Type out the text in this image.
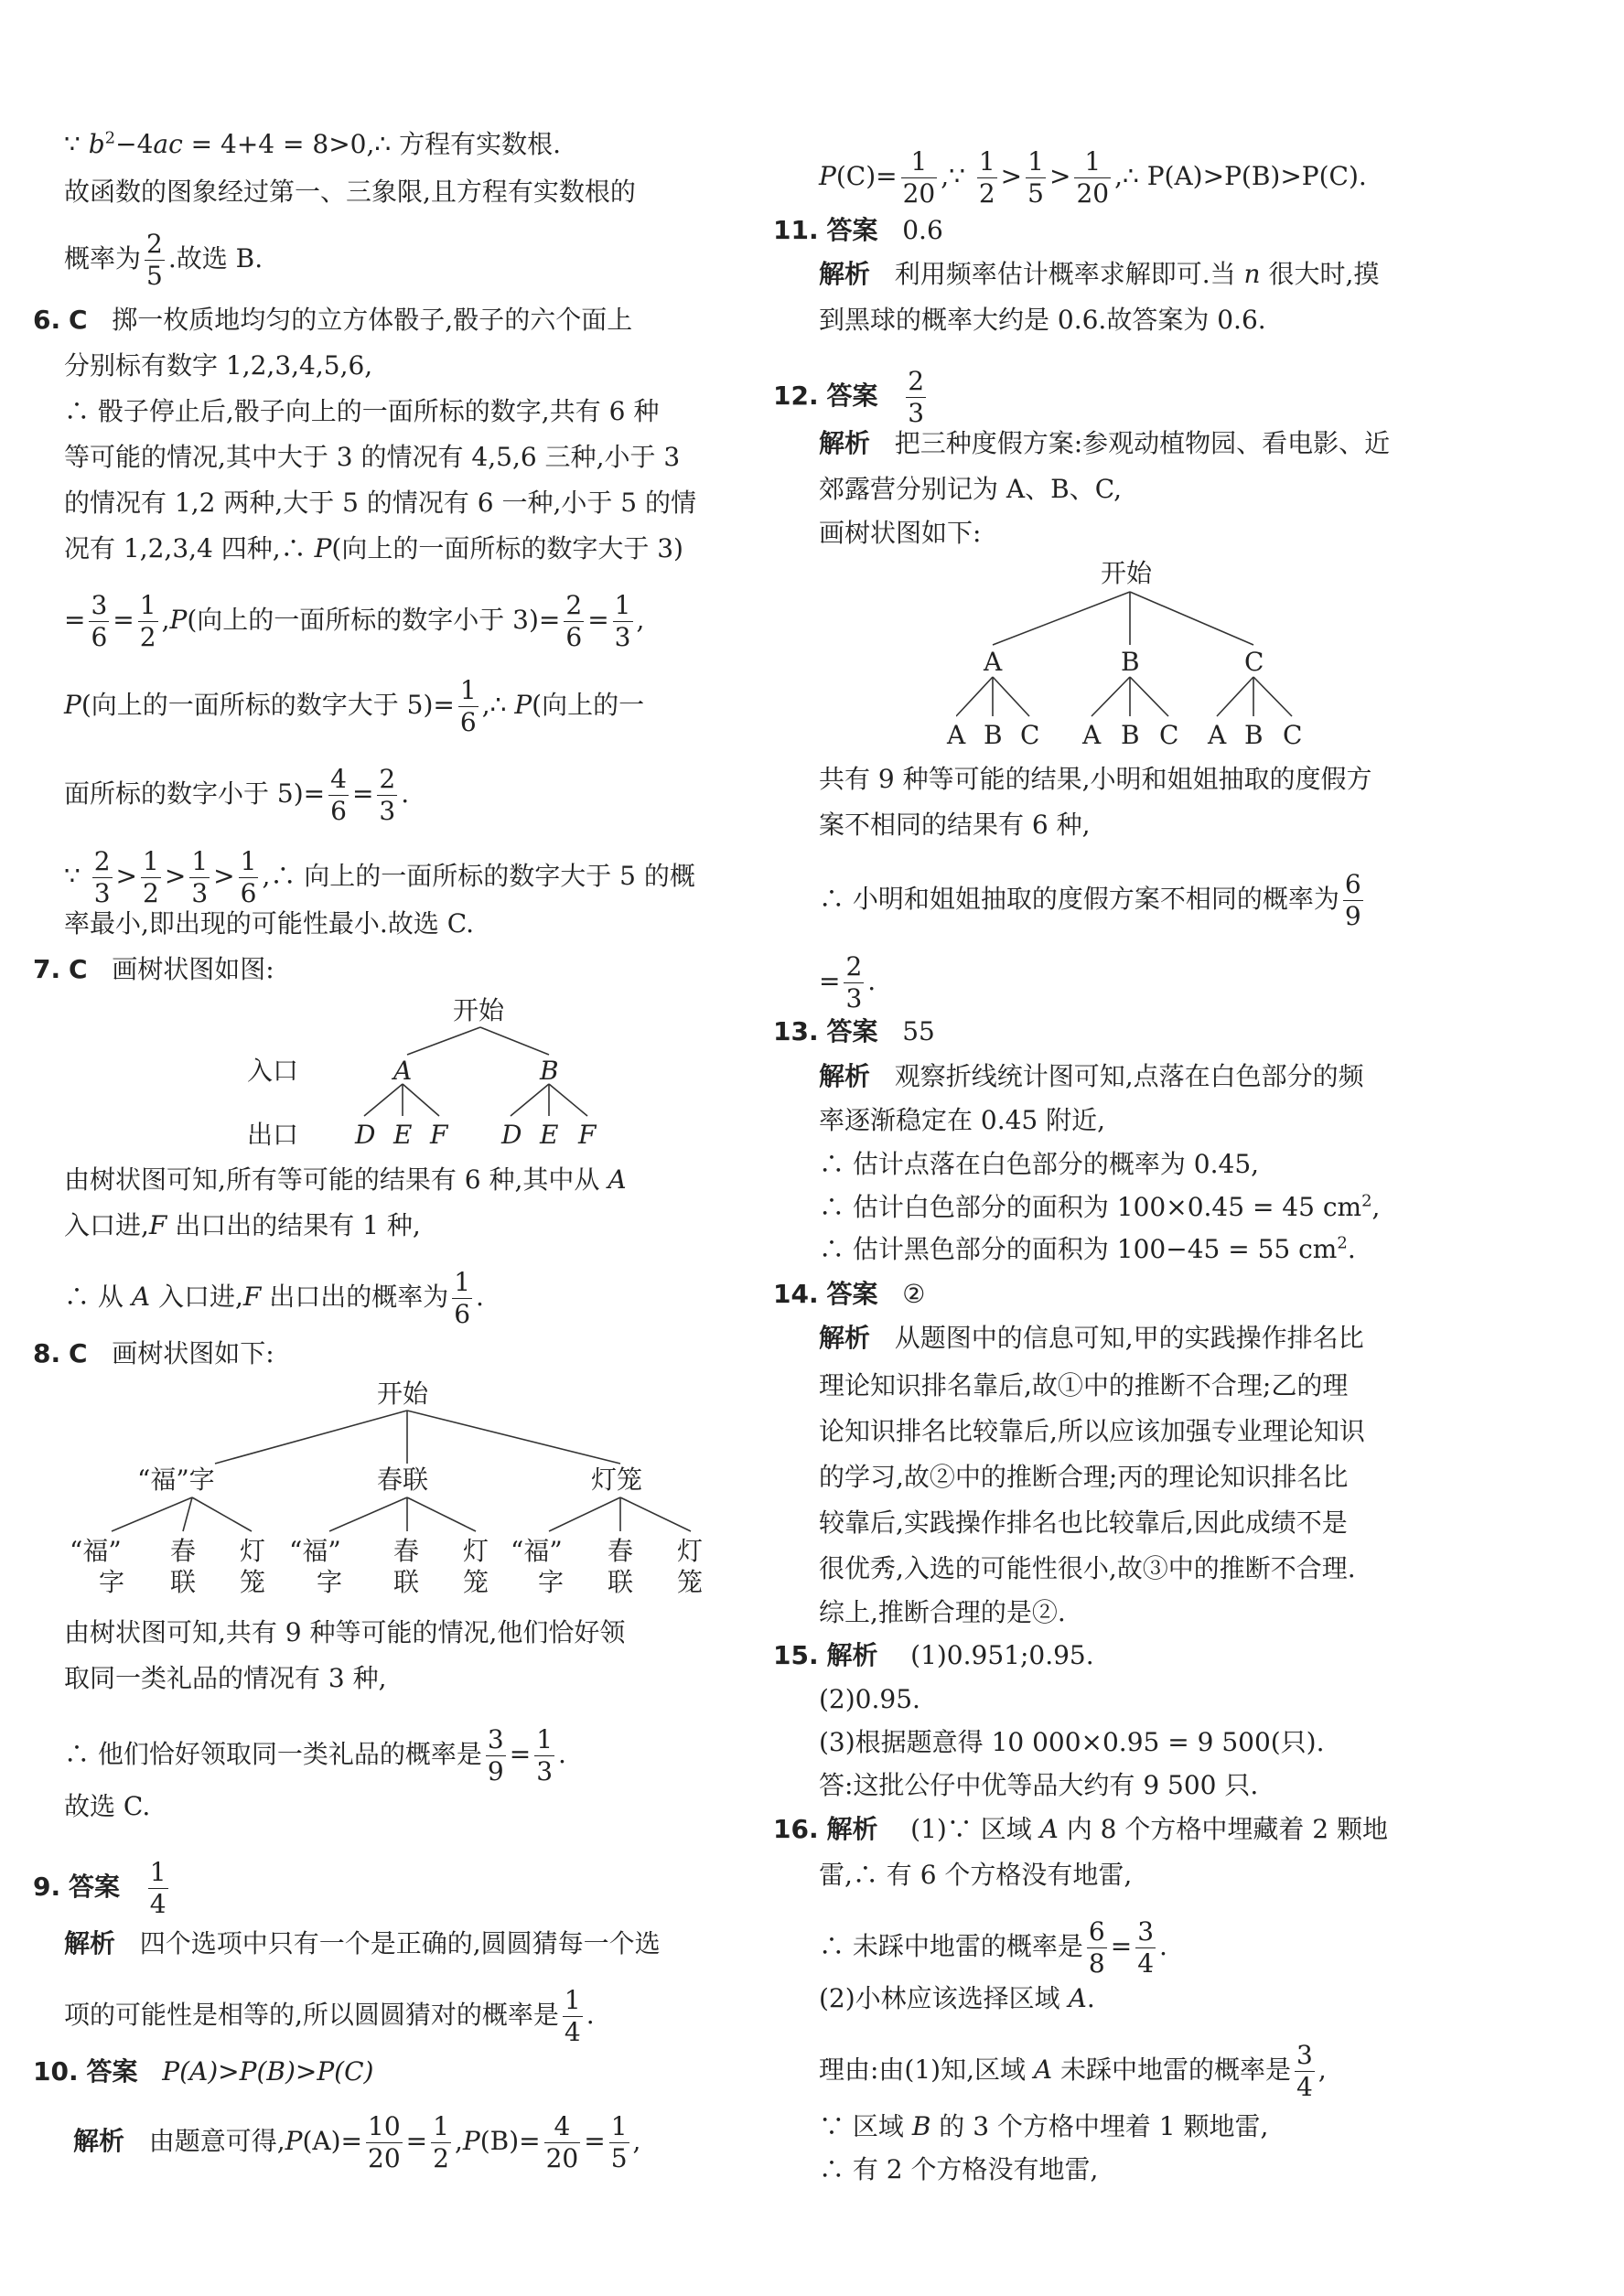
∵ $b^2-4ac = 4+4$ = 8>0,∴ 方程有实数根.
故函数的图象经过第一、三象限,且方程有实数根的
概率为 $\frac{2}{5}$ .故选 B.
6. C 掷一枚质地均匀的立方体骰子,骰子的六个面上
分别标有数字 1,2,3,4,5,6,
∴ 骰子停止后,骰子向上的一面所标的数字,共有 6 种
等可能的情况,其中大于 3 的情况有 4,5,6 三种,小于 3
的情况有 1,2 两种,大于 5 的情况有 6 一种,小于 5 的情
况有 1,2,3,4 四种,∴ P(向上的一面所标的数字大于 3)
= $\frac{3}{6} = \frac{1}{2} ,P$(向上的一面所标的数字小于 $3)= \frac{2}{6} = \frac{1}{3}$ ,
P(向上的一面所标的数字大于 $5)= \frac{1}{6}$ ,∴ P(向上的一
面所标的数字小于 $5)= \frac{4}{6} = \frac{2}{3}$ .
∵ $\frac{2}{3} > \frac{1}{2} > \frac{1}{3} > \frac{1}{6}$ ,∴ 向上的一面所标的数字大于 5 的概
率最小,即出现的可能性最小.故选 C.
7. C 画树状图如图:
开始
入口	A	B
出口 D E F D E F
由树状图可知,所有等可能的结果有 6 种,其中从 A
入口进,F 出口出的结果有 1 种,
∴ 从 A 入口进,F 出口出的概率为 $\frac{1}{6}$ .
8. C 画树状图如下:
开始
“福”字	春联	灯笼
“福” 春 灯 “福” 春 灯 “福” 春 灯
字 联 笼 字 联 笼 字 联 笼
由树状图可知,共有 9 种等可能的情况,他们恰好领
取同一类礼品的情况有 3 种,
∴ 他们恰好领取同一类礼品的概率是 $\frac{3}{9} = \frac{1}{3}$ .
故选 C.
9. 答案 $\frac{1}{4}$
解析 四个选项中只有一个是正确的,圆圆猜每一个选
项的可能性是相等的,所以圆圆猜对的概率是 $\frac{1}{4}$ .
10. 答案 P(A)>P(B)>P(C)
解析 由题意可得$,P(A)= \frac{10}{20} = \frac{1}{2} ,P(B)= \frac{4}{20} = \frac{1}{5}$ ,
$P(C)= \frac{1}{20}$ ,∵ $\frac{1}{2} > \frac{1}{5} > \frac{1}{20}$ ,∴ P(A)>P(B)>P(C).
11. 答案 0.6
解析 利用频率估计概率求解即可.当 n 很大时,摸
到黑球的概率大约是 0.6.故答案为 0.6.
12. 答案 $\frac{2}{3}$
解析 把三种度假方案:参观动植物园、看电影、近
郊露营分别记为 A、B、C,
画树状图如下:
开始
A	B	C
A B C A B C A B C
共有 9 种等可能的结果,小明和姐姐抽取的度假方
案不相同的结果有 6 种,
∴ 小明和姐姐抽取的度假方案不相同的概率为 $\frac{6}{9}$
= $\frac{2}{3}$ .
13. 答案 55
解析 观察折线统计图可知,点落在白色部分的频
率逐渐稳定在 0.45 附近,
∴ 估计点落在白色部分的概率为 0.45,
∴ 估计白色部分的面积为 100×0.45 = 45 $cm^2$,
∴ 估计黑色部分的面积为 100−45 = 55 $cm^2$.
14. 答案 ②
解析 从题图中的信息可知,甲的实践操作排名比
理论知识排名靠后,故①中的推断不合理;乙的理
论知识排名比较靠后,所以应该加强专业理论知识
的学习,故②中的推断合理;丙的理论知识排名比
较靠后,实践操作排名也比较靠后,因此成绩不是
很优秀,入选的可能性很小,故③中的推断不合理.
综上,推断合理的是②.
15. 解析 (1)0.951;0.95.
(2)0.95.
(3)根据题意得 10 000×0.95 = 9 500(只).
答:这批公仔中优等品大约有 9 500 只.
16. 解析 (1)∵ 区域 A 内 8 个方格中埋藏着 2 颗地
雷,∴ 有 6 个方格没有地雷,
∴ 未踩中地雷的概率是 $\frac{6}{8} = \frac{3}{4}$ .
(2)小林应该选择区域 A.
理由:由(1)知,区域 A 未踩中地雷的概率是 $\frac{3}{4}$ ,
∵ 区域 B 的 3 个方格中埋着 1 颗地雷,
∴ 有 2 个方格没有地雷,
